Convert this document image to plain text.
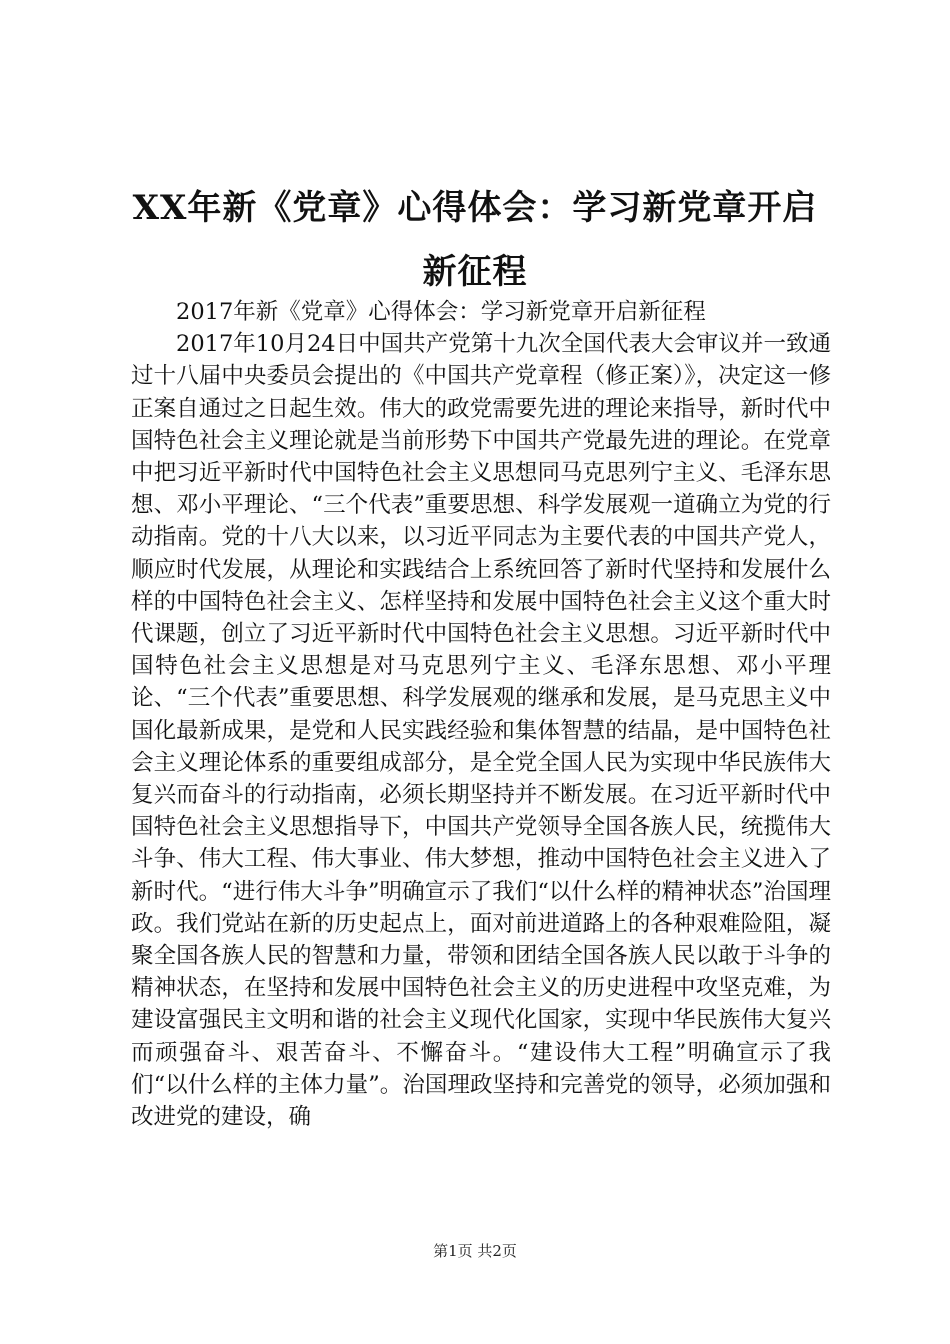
XX年新《党章》心得体会：学习新党章开启新征程

2017年新《党章》心得体会：学习新党章开启新征程

2017年10月24日中国共产党第十九次全国代表大会审议并一致通过十八届中央委员会提出的《中国共产党章程（修正案）》，决定这一修正案自通过之日起生效。伟大的政党需要先进的理论来指导，新时代中国特色社会主义理论就是当前形势下中国共产党最先进的理论。在党章中把习近平新时代中国特色社会主义思想同马克思列宁主义、毛泽东思想、邓小平理论、“三个代表”重要思想、科学发展观一道确立为党的行动指南。党的十八大以来，以习近平同志为主要代表的中国共产党人，顺应时代发展，从理论和实践结合上系统回答了新时代坚持和发展什么样的中国特色社会主义、怎样坚持和发展中国特色社会主义这个重大时代课题，创立了习近平新时代中国特色社会主义思想。习近平新时代中国特色社会主义思想是对马克思列宁主义、毛泽东思想、邓小平理论、“三个代表”重要思想、科学发展观的继承和发展，是马克思主义中国化最新成果，是党和人民实践经验和集体智慧的结晶，是中国特色社会主义理论体系的重要组成部分，是全党全国人民为实现中华民族伟大复兴而奋斗的行动指南，必须长期坚持并不断发展。在习近平新时代中国特色社会主义思想指导下，中国共产党领导全国各族人民，统揽伟大斗争、伟大工程、伟大事业、伟大梦想，推动中国特色社会主义进入了新时代。“进行伟大斗争”明确宣示了我们“以什么样的精神状态”治国理政。我们党站在新的历史起点上，面对前进道路上的各种艰难险阻，凝聚全国各族人民的智慧和力量，带领和团结全国各族人民以敢于斗争的精神状态，在坚持和发展中国特色社会主义的历史进程中攻坚克难，为建设富强民主文明和谐的社会主义现代化国家，实现中华民族伟大复兴而顽强奋斗、艰苦奋斗、不懈奋斗。“建设伟大工程”明确宣示了我们“以什么样的主体力量”。治国理政坚持和完善党的领导，必须加强和改进党的建设，确

第1页 共2页
